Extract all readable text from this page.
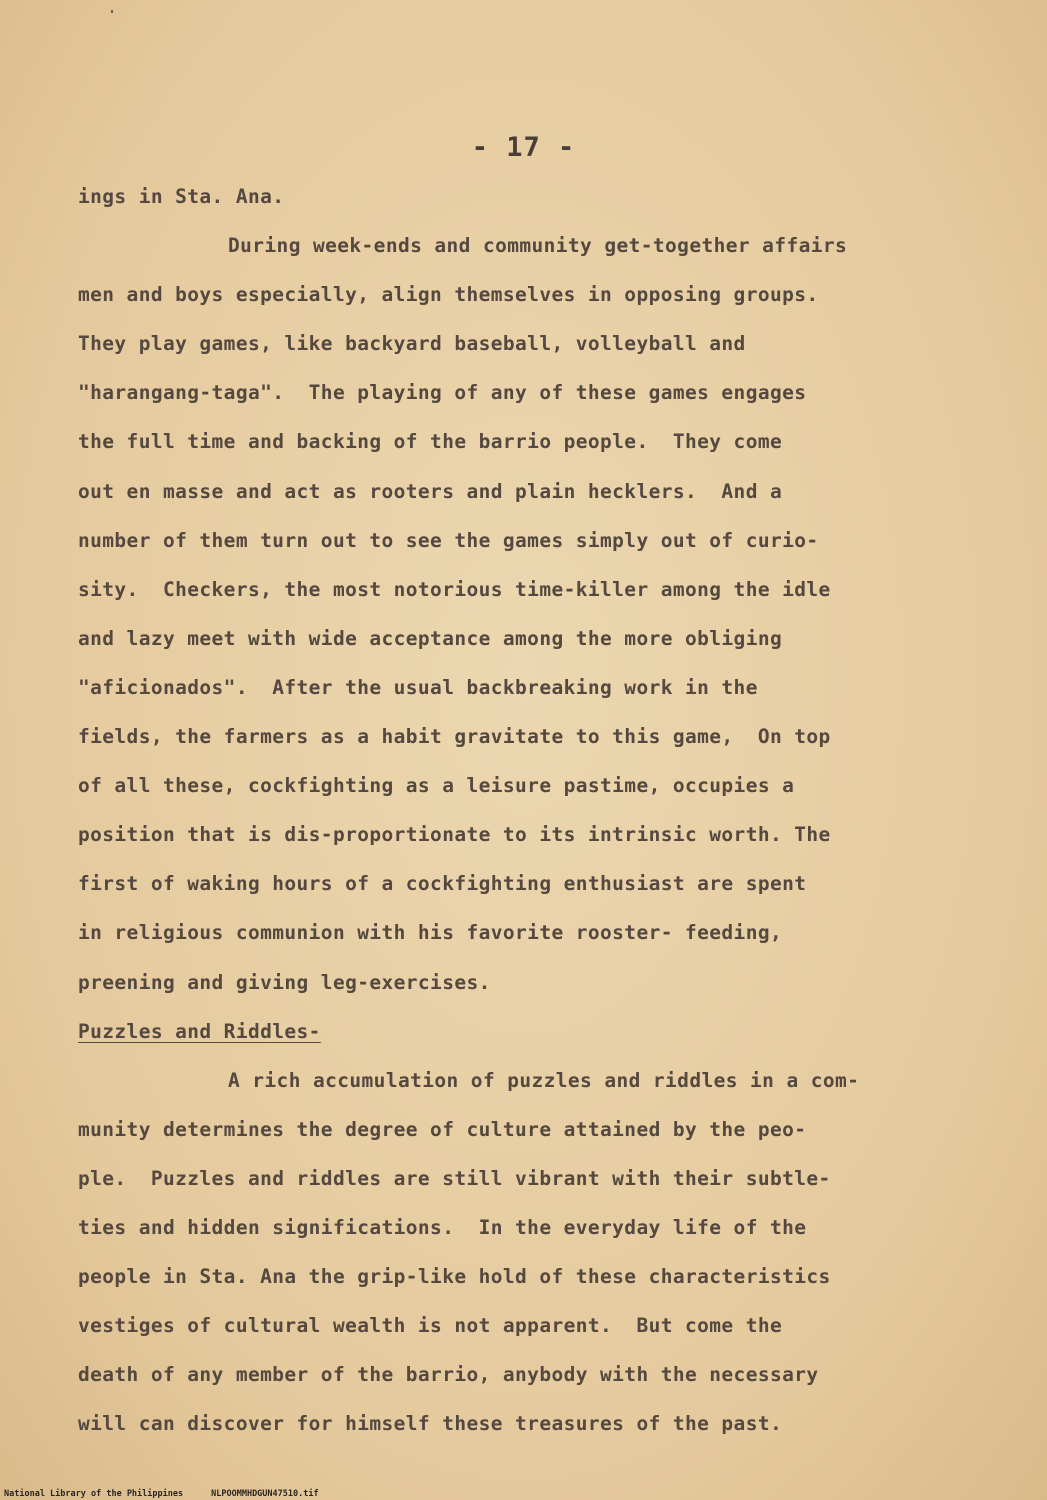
- 17 -
ings in Sta. Ana.
During week-ends and community get-together affairs
men and boys especially, align themselves in opposing groups.
They play games, like backyard baseball, volleyball and
"harangang-taga".  The playing of any of these games engages
the full time and backing of the barrio people.  They come
out en masse and act as rooters and plain hecklers.  And a
number of them turn out to see the games simply out of curio-
sity.  Checkers, the most notorious time-killer among the idle
and lazy meet with wide acceptance among the more obliging
"aficionados".  After the usual backbreaking work in the
fields, the farmers as a habit gravitate to this game,  On top
of all these, cockfighting as a leisure pastime, occupies a
position that is dis-proportionate to its intrinsic worth. The
first of waking hours of a cockfighting enthusiast are spent
in religious communion with his favorite rooster- feeding,
preening and giving leg-exercises.
Puzzles and Riddles-
A rich accumulation of puzzles and riddles in a com-
munity determines the degree of culture attained by the peo-
ple.  Puzzles and riddles are still vibrant with their subtle-
ties and hidden significations.  In the everyday life of the
people in Sta. Ana the grip-like hold of these characteristics
vestiges of cultural wealth is not apparent.  But come the
death of any member of the barrio, anybody with the necessary
will can discover for himself these treasures of the past.
National Library of the Philippines	NLPOOMMHDGUN47510.tif
